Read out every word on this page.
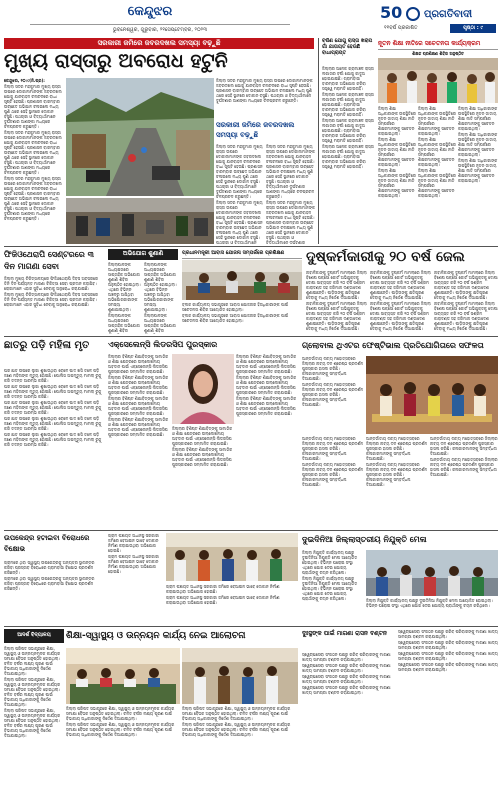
କେନ୍ଦୁଝର
ଭୁବନେଶ୍ୱର, ଗୁରୁବାର, ୨୧ସେପ୍ଟେମ୍ବର, ୨୦୨୩
50 ପ୍ରଗତିବାଦୀ
୧୧ବର୍ଷ ପ୍ରକାଶିତ	ପୃଷ୍ଠା : ୯
ସରକାରୀ ଜମିରେ ଜବରଦଖଲ ସମସ୍ୟା ବଢ଼ୁଛି
ମୁଖ୍ୟ ରାସ୍ତାରୁ ଅବରୋଧ ହଟୁନି

କେନ୍ଦୁଝର, ୨୦।୯(ନି.ପ୍ର):

ଜିଲ୍ଲା ସଦର ମହକୁମାର ମୁଖ୍ୟ ରାସ୍ତା ଉପରେ ଦୋକାନୀମାନଙ୍କ ଜବରଦଖଲ ଯୋଗୁ ଯାନବାହନ ଚଳାଚଳରେ ବାଧା ସୃଷ୍ଟି ହେଉଛି। ପ୍ରଶାସନ ବାରମ୍ବାର ଉଚ୍ଛେଦ ଅଭିଯାନ ଚଳାଇଲେ ମଧ୍ୟ ପୁଣି ଥରେ ସେହି ସ୍ଥାନରେ ଦୋକାନ ବସୁଛି। ପଥଚାରୀ ଓ ବିଦ୍ୟାର୍ଥୀମାନେ ଦୁର୍ଘଟଣାର ଆଶଙ୍କା ମଧ୍ୟରେ ଚଳପ୍ରଚଳ କରୁଛନ୍ତି।

ଜିଲ୍ଲା ସଦର ମହକୁମାର ମୁଖ୍ୟ ରାସ୍ତା ଉପରେ ଦୋକାନୀମାନଙ୍କ ଜବରଦଖଲ ଯୋଗୁ ଯାନବାହନ ଚଳାଚଳରେ ବାଧା ସୃଷ୍ଟି ହେଉଛି। ପ୍ରଶାସନ ବାରମ୍ବାର ଉଚ୍ଛେଦ ଅଭିଯାନ ଚଳାଇଲେ ମଧ୍ୟ ପୁଣି ଥରେ ସେହି ସ୍ଥାନରେ ଦୋକାନ ବସୁଛି। ପଥଚାରୀ ଓ ବିଦ୍ୟାର୍ଥୀମାନେ ଦୁର୍ଘଟଣାର ଆଶଙ୍କା ମଧ୍ୟରେ ଚଳପ୍ରଚଳ କରୁଛନ୍ତି।

ଜିଲ୍ଲା ସଦର ମହକୁମାର ମୁଖ୍ୟ ରାସ୍ତା ଉପରେ ଦୋକାନୀମାନଙ୍କ ଜବରଦଖଲ ଯୋଗୁ ଯାନବାହନ ଚଳାଚଳରେ ବାଧା ସୃଷ୍ଟି ହେଉଛି। ପ୍ରଶାସନ ବାରମ୍ବାର ଉଚ୍ଛେଦ ଅଭିଯାନ ଚଳାଇଲେ ମଧ୍ୟ ପୁଣି ଥରେ ସେହି ସ୍ଥାନରେ ଦୋକାନ ବସୁଛି। ପଥଚାରୀ ଓ ବିଦ୍ୟାର୍ଥୀମାନେ ଦୁର୍ଘଟଣାର ଆଶଙ୍କା ମଧ୍ୟରେ ଚଳପ୍ରଚଳ କରୁଛନ୍ତି।

ଜିଲ୍ଲା ସଦର ମହକୁମାର ମୁଖ୍ୟ ରାସ୍ତା ଉପରେ ଦୋକାନୀମାନଙ୍କ ଜବରଦଖଲ ଯୋଗୁ ଯାନବାହନ ଚଳାଚଳରେ ବାଧା ସୃଷ୍ଟି ହେଉଛି। ପ୍ରଶାସନ ବାରମ୍ବାର ଉଚ୍ଛେଦ ଅଭିଯାନ ଚଳାଇଲେ ମଧ୍ୟ ପୁଣି ଥରେ ସେହି ସ୍ଥାନରେ ଦୋକାନ ବସୁଛି। ପଥଚାରୀ ଓ ବିଦ୍ୟାର୍ଥୀମାନେ ଦୁର୍ଘଟଣାର ଆଶଙ୍କା ମଧ୍ୟରେ ଚଳପ୍ରଚଳ କରୁଛନ୍ତି।

ସରକାରୀ ଜମିରେ ଜବରଦଖଲ ସମସ୍ୟା ବଢ଼ୁଛି

ଜିଲ୍ଲା ସଦର ମହକୁମାର ମୁଖ୍ୟ ରାସ୍ତା ଉପରେ ଦୋକାନୀମାନଙ୍କ ଜବରଦଖଲ ଯୋଗୁ ଯାନବାହନ ଚଳାଚଳରେ ବାଧା ସୃଷ୍ଟି ହେଉଛି। ପ୍ରଶାସନ ବାରମ୍ବାର ଉଚ୍ଛେଦ ଅଭିଯାନ ଚଳାଇଲେ ମଧ୍ୟ ପୁଣି ଥରେ ସେହି ସ୍ଥାନରେ ଦୋକାନ ବସୁଛି। ପଥଚାରୀ ଓ ବିଦ୍ୟାର୍ଥୀମାନେ ଦୁର୍ଘଟଣାର ଆଶଙ୍କା ମଧ୍ୟରେ ଚଳପ୍ରଚଳ କରୁଛନ୍ତି।

ଜିଲ୍ଲା ସଦର ମହକୁମାର ମୁଖ୍ୟ ରାସ୍ତା ଉପରେ ଦୋକାନୀମାନଙ୍କ ଜବରଦଖଲ ଯୋଗୁ ଯାନବାହନ ଚଳାଚଳରେ ବାଧା ସୃଷ୍ଟି ହେଉଛି। ପ୍ରଶାସନ ବାରମ୍ବାର ଉଚ୍ଛେଦ ଅଭିଯାନ ଚଳାଇଲେ ମଧ୍ୟ ପୁଣି ଥରେ ସେହି ସ୍ଥାନରେ ଦୋକାନ ବସୁଛି। ପଥଚାରୀ ଓ ବିଦ୍ୟାର୍ଥୀମାନେ

ଜିଲ୍ଲା ସଦର ମହକୁମାର ମୁଖ୍ୟ ରାସ୍ତା ଉପରେ ଦୋକାନୀମାନଙ୍କ ଜବରଦଖଲ ଯୋଗୁ ଯାନବାହନ ଚଳାଚଳରେ ବାଧା ସୃଷ୍ଟି ହେଉଛି। ପ୍ରଶାସନ ବାରମ୍ବାର ଉଚ୍ଛେଦ ଅଭିଯାନ ଚଳାଇଲେ ମଧ୍ୟ ପୁଣି ଥରେ ସେହି ସ୍ଥାନରେ ଦୋକାନ ବସୁଛି। ପଥଚାରୀ ଓ ବିଦ୍ୟାର୍ଥୀମାନେ ଦୁର୍ଘଟଣାର ଆଶଙ୍କା ମଧ୍ୟରେ ଚଳପ୍ରଚଳ କରୁଛନ୍ତି।

ଜିଲ୍ଲା ସଦର ମହକୁମାର ମୁଖ୍ୟ ରାସ୍ତା ଉପରେ ଦୋକାନୀମାନଙ୍କ ଜବରଦଖଲ ଯୋଗୁ ଯାନବାହନ ଚଳାଚଳରେ ବାଧା ସୃଷ୍ଟି ହେଉଛି। ପ୍ରଶାସନ ବାରମ୍ବାର ଉଚ୍ଛେଦ ଅଭିଯାନ ଚଳାଇଲେ ମଧ୍ୟ ପୁଣି ଥରେ ସେହି ସ୍ଥାନରେ ଦୋକାନ ବସୁଛି। ପଥଚାରୀ ଓ ବିଦ୍ୟାର୍ଥୀମାନେ ଦୁର୍ଘଟଣାର

ବର୍ଷଣ ଯୋଗୁ ରାସ୍ତା ଖରାପ ଗାଁ ଯାତାୟତ ହେଉଛି ବାଧାପ୍ରାପ୍ତ

ଜିଲ୍ଲାର ଅନେକ ଗ୍ରାମାଞ୍ଚଳ ରାସ୍ତା ଲଗାତାର ବର୍ଷା ଯୋଗୁ କାଦୁଅ ହୋଇଯାଇଛି। ଗ୍ରାମବାସୀ ବାରମ୍ବାର ଅଭିଯୋଗ କରିବା ସତ୍ତ୍ୱେ ମରାମତି ହୋଇନାହିଁ।

ଜିଲ୍ଲାର ଅନେକ ଗ୍ରାମାଞ୍ଚଳ ରାସ୍ତା ଲଗାତାର ବର୍ଷା ଯୋଗୁ କାଦୁଅ ହୋଇଯାଇଛି। ଗ୍ରାମବାସୀ ବାରମ୍ବାର ଅଭିଯୋଗ କରିବା ସତ୍ତ୍ୱେ ମରାମତି ହୋଇନାହିଁ।

ଜିଲ୍ଲାର ଅନେକ ଗ୍ରାମାଞ୍ଚଳ ରାସ୍ତା ଲଗାତାର ବର୍ଷା ଯୋଗୁ କାଦୁଅ ହୋଇଯାଇଛି। ଗ୍ରାମବାସୀ ବାରମ୍ବାର ଅଭିଯୋଗ କରିବା ସତ୍ତ୍ୱେ ମରାମତି ହୋଇନାହିଁ।

ଜିଲ୍ଲାର ଅନେକ ଗ୍ରାମାଞ୍ଚଳ ରାସ୍ତା ଲଗାତାର ବର୍ଷା ଯୋଗୁ କାଦୁଅ ହୋଇଯାଇଛି। ଗ୍ରାମବାସୀ ବାରମ୍ବାର ଅଭିଯୋଗ କରିବା ସତ୍ତ୍ୱେ ମରାମତି ହୋଇନାହିଁ।

ନୂତନ ଶିକ୍ଷା ନୀତିରେ ସଚେତନତା କାର୍ଯ୍ୟକ୍ରମ
ଶିକ୍ଷକ ପ୍ରଶିକ୍ଷଣ ଶିବିର ଅନୁଷ୍ଠିତ

ଜିଲ୍ଲା ଶିକ୍ଷା ଅଧିକାରୀଙ୍କ ଉପସ୍ଥିତିରେ ନୂତନ ଜାତୀୟ ଶିକ୍ଷା ନୀତି ସମ୍ପର୍କରେ ଶିକ୍ଷକମାନଙ୍କୁ ସଚେତନ କରାଯାଇଥିଲା।

ଜିଲ୍ଲା ଶିକ୍ଷା ଅଧିକାରୀଙ୍କ ଉପସ୍ଥିତିରେ ନୂତନ ଜାତୀୟ ଶିକ୍ଷା ନୀତି ସମ୍ପର୍କରେ ଶିକ୍ଷକମାନଙ୍କୁ ସଚେତନ କରାଯାଇଥିଲା।

ଜିଲ୍ଲା ଶିକ୍ଷା ଅଧିକାରୀଙ୍କ ଉପସ୍ଥିତିରେ ନୂତନ ଜାତୀୟ ଶିକ୍ଷା ନୀତି ସମ୍ପର୍କରେ ଶିକ୍ଷକମାନଙ୍କୁ ସଚେତନ କରାଯାଇଥିଲା।

ଜିଲ୍ଲା ଶିକ୍ଷା ଅଧିକାରୀଙ୍କ ଉପସ୍ଥିତିରେ ନୂତନ ଜାତୀୟ ଶିକ୍ଷା ନୀତି ସମ୍ପର୍କରେ ଶିକ୍ଷକମାନଙ୍କୁ ସଚେତନ କରାଯାଇଥିଲା।

ଜିଲ୍ଲା ଶିକ୍ଷା ଅଧିକାରୀଙ୍କ ଉପସ୍ଥିତିରେ ନୂତନ ଜାତୀୟ ଶିକ୍ଷା ନୀତି ସମ୍ପର୍କରେ ଶିକ୍ଷକମାନଙ୍କୁ ସଚେତନ କରାଯାଇଥିଲା।

ଜିଲ୍ଲା ଶିକ୍ଷା ଅଧିକାରୀଙ୍କ ଉପସ୍ଥିତିରେ ନୂତନ ଜାତୀୟ ଶିକ୍ଷା ନୀତି ସମ୍ପର୍କରେ ଶିକ୍ଷକମାନଙ୍କୁ ସଚେତନ କରାଯାଇଥିଲା।

ଜିଲ୍ଲା ଶିକ୍ଷା ଅଧିକାରୀଙ୍କ ଉପସ୍ଥିତିରେ ନୂତନ ଜାତୀୟ ଶିକ୍ଷା ନୀତି ସମ୍ପର୍କରେ ଶିକ୍ଷକମାନଙ୍କୁ ସଚେତନ କରାଯାଇଥିଲା।

ଜିଲ୍ଲା ଶିକ୍ଷା ଅଧିକାରୀଙ୍କ ଉପସ୍ଥିତିରେ ନୂତନ ଜାତୀୟ ଶିକ୍ଷା ନୀତି ସମ୍ପର୍କରେ ଶିକ୍ଷକମାନଙ୍କୁ ସଚେତନ କରାଯାଇଥିଲା।

ଜିଲ୍ଲା ଶିକ୍ଷା ଅଧିକାରୀଙ୍କ ଉପସ୍ଥିତିରେ ନୂତନ ଜାତୀୟ ଶିକ୍ଷା ନୀତି ସମ୍ପର୍କରେ ଶିକ୍ଷକମାନଙ୍କୁ ସଚେତନ କରାଯାଇଥିଲା।

ଫିଜିଓଥେରାପି ସେଣ୍ଟରରେ ୩ ଦିନ ମାଗଣା ସେବା

ଜିଲ୍ଲା ମୁଖ୍ୟ ଚିକିତ୍ସାଳୟରେ ଫିଜିଓଥେରାପି ଦିବସ ଅବସରରେ ତିନି ଦିନ ପର୍ଯ୍ୟନ୍ତ ମାଗଣା ଚିକିତ୍ସା ସେବା ପ୍ରଦାନ କରାଯିବ। ରୋଗୀମାନେ ଏହାର ସୁବିଧା ନେବାକୁ ଅନୁରୋଧ କରାଯାଇଛି।

ଜିଲ୍ଲା ମୁଖ୍ୟ ଚିକିତ୍ସାଳୟରେ ଫିଜିଓଥେରାପି ଦିବସ ଅବସରରେ ତିନି ଦିନ ପର୍ଯ୍ୟନ୍ତ ମାଗଣା ଚିକିତ୍ସା ସେବା ପ୍ରଦାନ କରାଯିବ। ରୋଗୀମାନେ ଏହାର ସୁବିଧା ନେବାକୁ ଅନୁରୋଧ କରାଯାଇଛି।

ଅଭିଯୋଗ ଶୁଣାଣି

ଜିଲ୍ଲାପାଳଙ୍କ ଅଧ୍ୟକ୍ଷତାରେ ସାପ୍ତାହିକ ଅଭିଯୋଗ ଶୁଣାଣି ଶିବିର ଅନୁଷ୍ଠିତ ହୋଇଥିଲା। ଏଥିରେ ବିଭିନ୍ନ ଅଞ୍ଚଳରୁ ଆସିଥିବା ଅଭିଯୋଗକାରୀଙ୍କ ସମସ୍ୟା ଶୁଣାଯାଇଥିଲା।

ଜିଲ୍ଲାପାଳଙ୍କ ଅଧ୍ୟକ୍ଷତାରେ ସାପ୍ତାହିକ ଅଭିଯୋଗ ଶୁଣାଣି ଶିବିର

ଜିଲ୍ଲାପାଳଙ୍କ ଅଧ୍ୟକ୍ଷତାରେ ସାପ୍ତାହିକ ଅଭିଯୋଗ ଶୁଣାଣି ଶିବିର ଅନୁଷ୍ଠିତ ହୋଇଥିଲା। ଏଥିରେ ବିଭିନ୍ନ ଅଞ୍ଚଳରୁ ଆସିଥିବା ଅଭିଯୋଗକାରୀଙ୍କ ସମସ୍ୟା ଶୁଣାଯାଇଥିଲା।

ଜିଲ୍ଲାପାଳଙ୍କ ଅଧ୍ୟକ୍ଷତାରେ ସାପ୍ତାହିକ ଅଭିଯୋଗ ଶୁଣାଣି ଶିବିର

ପ୍ରଧାନମନ୍ତ୍ରୀ ଆବାସ ଯୋଜନା ସମ୍ପର୍କରେ ପ୍ରଶିକ୍ଷଣ

ବ୍ଲକ କାର୍ଯ୍ୟାଳୟ ସଭାଗୃହରେ ଆବାସ ଯୋଜନାର ହିତାଧିକାରୀଙ୍କ ପାଇଁ ସଚେତନତା ଶିବିର ଆୟୋଜିତ ହୋଇଥିଲା।

ବ୍ଲକ କାର୍ଯ୍ୟାଳୟ ସଭାଗୃହରେ ଆବାସ ଯୋଜନାର ହିତାଧିକାରୀଙ୍କ ପାଇଁ ସଚେତନତା ଶିବିର ଆୟୋଜିତ ହୋଇଥିଲା।

ଦୁଷ୍କର୍ମକାରୀକୁ ୨୦ ବର୍ଷ ଜେଲ

ନାବାଳିକାଙ୍କୁ ଦୁଷ୍କର୍ମ ମାମଲାରେ ଜିଲ୍ଲା ବିଶେଷ ପକ୍ସୋ କୋର୍ଟ ଅଭିଯୁକ୍ତକୁ ଦୋଷୀ ସାବ୍ୟସ୍ତ କରି ୨୦ ବର୍ଷ ସଶ୍ରମ କାରାଦଣ୍ଡ ସହ ଜରିମାନା ଦଣ୍ଡାଦେଶ ଶୁଣାଇଛନ୍ତି। ପୀଡ଼ିତାଙ୍କୁ କ୍ଷତିପୂରଣ ଦେବାକୁ ମଧ୍ୟ ନିର୍ଦ୍ଦେଶ ଦିଆଯାଇଛି।

ନାବାଳିକାଙ୍କୁ ଦୁଷ୍କର୍ମ ମାମଲାରେ ଜିଲ୍ଲା ବିଶେଷ ପକ୍ସୋ କୋର୍ଟ ଅଭିଯୁକ୍ତକୁ ଦୋଷୀ ସାବ୍ୟସ୍ତ କରି ୨୦ ବର୍ଷ ସଶ୍ରମ କାରାଦଣ୍ଡ ସହ ଜରିମାନା ଦଣ୍ଡାଦେଶ ଶୁଣାଇଛନ୍ତି। ପୀଡ଼ିତାଙ୍କୁ କ୍ଷତିପୂରଣ ଦେବାକୁ ମଧ୍ୟ ନିର୍ଦ୍ଦେଶ ଦିଆଯାଇଛି।

ନାବାଳିକାଙ୍କୁ ଦୁଷ୍କର୍ମ ମାମଲାରେ ଜିଲ୍ଲା ବିଶେଷ ପକ୍ସୋ କୋର୍ଟ ଅଭିଯୁକ୍ତକୁ ଦୋଷୀ ସାବ୍ୟସ୍ତ କରି ୨୦ ବର୍ଷ ସଶ୍ରମ କାରାଦଣ୍ଡ ସହ ଜରିମାନା ଦଣ୍ଡାଦେଶ ଶୁଣାଇଛନ୍ତି। ପୀଡ଼ିତାଙ୍କୁ କ୍ଷତିପୂରଣ ଦେବାକୁ ମଧ୍ୟ ନିର୍ଦ୍ଦେଶ ଦିଆଯାଇଛି।

ନାବାଳିକାଙ୍କୁ ଦୁଷ୍କର୍ମ ମାମଲାରେ ଜିଲ୍ଲା ବିଶେଷ ପକ୍ସୋ କୋର୍ଟ ଅଭିଯୁକ୍ତକୁ ଦୋଷୀ ସାବ୍ୟସ୍ତ କରି ୨୦ ବର୍ଷ ସଶ୍ରମ କାରାଦଣ୍ଡ ସହ ଜରିମାନା ଦଣ୍ଡାଦେଶ ଶୁଣାଇଛନ୍ତି। ପୀଡ଼ିତାଙ୍କୁ କ୍ଷତିପୂରଣ ଦେବାକୁ ମଧ୍ୟ ନିର୍ଦ୍ଦେଶ ଦିଆଯାଇଛି।

ନାବାଳିକାଙ୍କୁ ଦୁଷ୍କର୍ମ ମାମଲାରେ ଜିଲ୍ଲା ବିଶେଷ ପକ୍ସୋ କୋର୍ଟ ଅଭିଯୁକ୍ତକୁ ଦୋଷୀ ସାବ୍ୟସ୍ତ କରି ୨୦ ବର୍ଷ ସଶ୍ରମ କାରାଦଣ୍ଡ ସହ ଜରିମାନା ଦଣ୍ଡାଦେଶ ଶୁଣାଇଛନ୍ତି। ପୀଡ଼ିତାଙ୍କୁ କ୍ଷତିପୂରଣ ଦେବାକୁ ମଧ୍ୟ ନିର୍ଦ୍ଦେଶ ଦିଆଯାଇଛି।

ନାବାଳିକାଙ୍କୁ ଦୁଷ୍କର୍ମ ମାମଲାରେ ଜିଲ୍ଲା ବିଶେଷ ପକ୍ସୋ କୋର୍ଟ ଅଭିଯୁକ୍ତକୁ ଦୋଷୀ ସାବ୍ୟସ୍ତ କରି ୨୦ ବର୍ଷ ସଶ୍ରମ କାରାଦଣ୍ଡ ସହ ଜରିମାନା ଦଣ୍ଡାଦେଶ ଶୁଣାଇଛନ୍ତି। ପୀଡ଼ିତାଙ୍କୁ କ୍ଷତିପୂରଣ ଦେବାକୁ ମଧ୍ୟ ନିର୍ଦ୍ଦେଶ ଦିଆଯାଇଛି।

ଛାତରୁ ପଡ଼ି ମହିଳା ମୃତ

ଘର ଛାତ ଉପରେ ଲୁଗା ଶୁଖାଉଥିବା ବେଳେ ପାଦ ଖସି ତଳେ ପଡ଼ି ଜଣେ ମହିଳାଙ୍କ ମୃତ୍ୟୁ ହୋଇଛି। ପୋଲିସ ଅପମୃତ୍ୟୁ ମାମଲା ରୁଜୁ କରି ତଦନ୍ତ ଆରମ୍ଭ କରିଛି।

ଘର ଛାତ ଉପରେ ଲୁଗା ଶୁଖାଉଥିବା ବେଳେ ପାଦ ଖସି ତଳେ ପଡ଼ି ଜଣେ ମହିଳାଙ୍କ ମୃତ୍ୟୁ ହୋଇଛି। ପୋଲିସ ଅପମୃତ୍ୟୁ ମାମଲା ରୁଜୁ କରି ତଦନ୍ତ ଆରମ୍ଭ କରିଛି।

ଘର ଛାତ ଉପରେ ଲୁଗା ଶୁଖାଉଥିବା ବେଳେ ପାଦ ଖସି ତଳେ ପଡ଼ି ଜଣେ ମହିଳାଙ୍କ ମୃତ୍ୟୁ ହୋଇଛି। ପୋଲିସ ଅପମୃତ୍ୟୁ ମାମଲା ରୁଜୁ କରି ତଦନ୍ତ ଆରମ୍ଭ କରିଛି।

ଘର ଛାତ ଉପରେ ଲୁଗା ଶୁଖାଉଥିବା ବେଳେ ପାଦ ଖସି ତଳେ ପଡ଼ି ଜଣେ ମହିଳାଙ୍କ ମୃତ୍ୟୁ ହୋଇଛି। ପୋଲିସ ଅପମୃତ୍ୟୁ ମାମଲା ରୁଜୁ କରି ତଦନ୍ତ ଆରମ୍ଭ କରିଛି।

ଘର ଛାତ ଉପରେ ଲୁଗା ଶୁଖାଉଥିବା ବେଳେ ପାଦ ଖସି ତଳେ ପଡ଼ି ଜଣେ ମହିଳାଙ୍କ ମୃତ୍ୟୁ ହୋଇଛି। ପୋଲିସ ଅପମୃତ୍ୟୁ ମାମଲା ରୁଜୁ କରି ତଦନ୍ତ ଆରମ୍ଭ କରିଛି।

ଏକ୍ସେଲେନ୍ସି ଲିଡରସିପ ପୁରସ୍କାର

ଜିଲ୍ଲାର ବିଶିଷ୍ଟ ଶିକ୍ଷାବିତ୍‌ଙ୍କୁ ସାମାଜିକ ଓ ଶିକ୍ଷା କ୍ଷେତ୍ରରେ ଉଲ୍ଲେଖନୀୟ ଅବଦାନ ପାଇଁ ଏକ୍ସେଲେନ୍ସି ଲିଡରସିପ ପୁରସ୍କାରରେ ସମ୍ମାନିତ କରାଯାଇଛି।

ଜିଲ୍ଲାର ବିଶିଷ୍ଟ ଶିକ୍ଷାବିତ୍‌ଙ୍କୁ ସାମାଜିକ ଓ ଶିକ୍ଷା କ୍ଷେତ୍ରରେ ଉଲ୍ଲେଖନୀୟ ଅବଦାନ ପାଇଁ ଏକ୍ସେଲେନ୍ସି ଲିଡରସିପ ପୁରସ୍କାରରେ ସମ୍ମାନିତ କରାଯାଇଛି।

ଜିଲ୍ଲାର ବିଶିଷ୍ଟ ଶିକ୍ଷାବିତ୍‌ଙ୍କୁ ସାମାଜିକ ଓ ଶିକ୍ଷା କ୍ଷେତ୍ରରେ ଉଲ୍ଲେଖନୀୟ ଅବଦାନ ପାଇଁ ଏକ୍ସେଲେନ୍ସି ଲିଡରସିପ ପୁରସ୍କାରରେ ସମ୍ମାନିତ କରାଯାଇଛି।

ଜିଲ୍ଲାର ବିଶିଷ୍ଟ ଶିକ୍ଷାବିତ୍‌ଙ୍କୁ ସାମାଜିକ ଓ ଶିକ୍ଷା କ୍ଷେତ୍ରରେ ଉଲ୍ଲେଖନୀୟ ଅବଦାନ ପାଇଁ ଏକ୍ସେଲେନ୍ସି ଲିଡରସିପ ପୁରସ୍କାରରେ ସମ୍ମାନିତ କରାଯାଇଛି।

ଜିଲ୍ଲାର ବିଶିଷ୍ଟ ଶିକ୍ଷାବିତ୍‌ଙ୍କୁ ସାମାଜିକ ଓ ଶିକ୍ଷା କ୍ଷେତ୍ରରେ ଉଲ୍ଲେଖନୀୟ ଅବଦାନ ପାଇଁ ଏକ୍ସେଲେନ୍ସି ଲିଡରସିପ ପୁରସ୍କାରରେ ସମ୍ମାନିତ କରାଯାଇଛି।

ଜିଲ୍ଲାର ବିଶିଷ୍ଟ ଶିକ୍ଷାବିତ୍‌ଙ୍କୁ ସାମାଜିକ ଓ ଶିକ୍ଷା କ୍ଷେତ୍ରରେ ଉଲ୍ଲେଖନୀୟ ଅବଦାନ ପାଇଁ ଏକ୍ସେଲେନ୍ସି ଲିଡରସିପ ପୁରସ୍କାରରେ ସମ୍ମାନିତ କରାଯାଇଛି।

ଜିଲ୍ଲାର ବିଶିଷ୍ଟ ଶିକ୍ଷାବିତ୍‌ଙ୍କୁ ସାମାଜିକ ଓ ଶିକ୍ଷା କ୍ଷେତ୍ରରେ ଉଲ୍ଲେଖନୀୟ ଅବଦାନ ପାଇଁ ଏକ୍ସେଲେନ୍ସି ଲିଡରସିପ ପୁରସ୍କାରରେ ସମ୍ମାନିତ କରାଯାଇଛି।

ଜିଲ୍ଲାର ବିଶିଷ୍ଟ ଶିକ୍ଷାବିତ୍‌ଙ୍କୁ ସାମାଜିକ ଓ ଶିକ୍ଷା କ୍ଷେତ୍ରରେ ଉଲ୍ଲେଖନୀୟ ଅବଦାନ ପାଇଁ ଏକ୍ସେଲେନ୍ସି ଲିଡରସିପ ପୁରସ୍କାରରେ ସମ୍ମାନିତ କରାଯାଇଛି।

ଜିଲ୍ଲାର ବିଶିଷ୍ଟ ଶିକ୍ଷାବିତ୍‌ଙ୍କୁ ସାମାଜିକ ଓ ଶିକ୍ଷା କ୍ଷେତ୍ରରେ ଉଲ୍ଲେଖନୀୟ ଅବଦାନ ପାଇଁ ଏକ୍ସେଲେନ୍ସି ଲିଡରସିପ ପୁରସ୍କାରରେ ସମ୍ମାନିତ କରାଯାଇଛି।

ଗ୍ଲୋବାଲ ଥିଏଟର ଫେଷ୍ଟିଭାଲ ପ୍ରତିଯୋଗିତାରେ ସଫଳତା

ଆନ୍ତର୍ଜାତୀୟ ନାଟ୍ୟ ମହୋତ୍ସବରେ ଜିଲ୍ଲାର ନାଟ୍ୟ ଦଳ ଶ୍ରେଷ୍ଠ ପ୍ରଦର୍ଶନ ପୁରସ୍କାର ହାସଲ କରିଛି। କଳାକାରମାନଙ୍କୁ ସମ୍ବର୍ଦ୍ଧନା ଦିଆଯାଇଛି।

ଆନ୍ତର୍ଜାତୀୟ ନାଟ୍ୟ ମହୋତ୍ସବରେ ଜିଲ୍ଲାର ନାଟ୍ୟ ଦଳ ଶ୍ରେଷ୍ଠ ପ୍ରଦର୍ଶନ ପୁରସ୍କାର ହାସଲ କରିଛି। କଳାକାରମାନଙ୍କୁ ସମ୍ବର୍ଦ୍ଧନା ଦିଆଯାଇଛି।

ଆନ୍ତର୍ଜାତୀୟ ନାଟ୍ୟ ମହୋତ୍ସବରେ ଜିଲ୍ଲାର ନାଟ୍ୟ ଦଳ ଶ୍ରେଷ୍ଠ ପ୍ରଦର୍ଶନ ପୁରସ୍କାର ହାସଲ କରିଛି। କଳାକାରମାନଙ୍କୁ ସମ୍ବର୍ଦ୍ଧନା ଦିଆଯାଇଛି।

ଆନ୍ତର୍ଜାତୀୟ ନାଟ୍ୟ ମହୋତ୍ସବରେ ଜିଲ୍ଲାର ନାଟ୍ୟ ଦଳ ଶ୍ରେଷ୍ଠ ପ୍ରଦର୍ଶନ ପୁରସ୍କାର ହାସଲ କରିଛି। କଳାକାରମାନଙ୍କୁ ସମ୍ବର୍ଦ୍ଧନା ଦିଆଯାଇଛି।

ଆନ୍ତର୍ଜାତୀୟ ନାଟ୍ୟ ମହୋତ୍ସବରେ ଜିଲ୍ଲାର ନାଟ୍ୟ ଦଳ ଶ୍ରେଷ୍ଠ ପ୍ରଦର୍ଶନ ପୁରସ୍କାର ହାସଲ କରିଛି। କଳାକାରମାନଙ୍କୁ ସମ୍ବର୍ଦ୍ଧନା ଦିଆଯାଇଛି।

ଆନ୍ତର୍ଜାତୀୟ ନାଟ୍ୟ ମହୋତ୍ସବରେ ଜିଲ୍ଲାର ନାଟ୍ୟ ଦଳ ଶ୍ରେଷ୍ଠ ପ୍ରଦର୍ଶନ ପୁରସ୍କାର ହାସଲ କରିଛି। କଳାକାରମାନଙ୍କୁ ସମ୍ବର୍ଦ୍ଧନା ଦିଆଯାଇଛି।

ଆନ୍ତର୍ଜାତୀୟ ନାଟ୍ୟ ମହୋତ୍ସବରେ ଜିଲ୍ଲାର ନାଟ୍ୟ ଦଳ ଶ୍ରେଷ୍ଠ ପ୍ରଦର୍ଶନ ପୁରସ୍କାର ହାସଲ କରିଛି। କଳାକାରମାନଙ୍କୁ ସମ୍ବର୍ଦ୍ଧନା ଦିଆଯାଇଛି।

ଆନ୍ତର୍ଜାତୀୟ ନାଟ୍ୟ ମହୋତ୍ସବରେ ଜିଲ୍ଲାର ନାଟ୍ୟ ଦଳ ଶ୍ରେଷ୍ଠ ପ୍ରଦର୍ଶନ ପୁରସ୍କାର ହାସଲ କରିଛି। କଳାକାରମାନଙ୍କୁ ସମ୍ବର୍ଦ୍ଧନା ଦିଆଯାଇଛି।

ଉପକେନ୍ଦ୍ର ହଟାଇବା ବିରୋଧରେ ବିକ୍ଷୋଭ

ଗ୍ରାମରେ ଥିବା ସ୍ୱାସ୍ଥ୍ୟ ଉପକେନ୍ଦ୍ରକୁ ଅନ୍ୟତ୍ର ସ୍ଥାନାନ୍ତର କରିବା ପ୍ରସ୍ତାବ ବିରୋଧରେ ଗ୍ରାମବାସୀ ବିକ୍ଷୋଭ ପ୍ରଦର୍ଶନ କରିଛନ୍ତି।

ଗ୍ରାମରେ ଥିବା ସ୍ୱାସ୍ଥ୍ୟ ଉପକେନ୍ଦ୍ରକୁ ଅନ୍ୟତ୍ର ସ୍ଥାନାନ୍ତର କରିବା ପ୍ରସ୍ତାବ ବିରୋଧରେ ଗ୍ରାମବାସୀ ବିକ୍ଷୋଭ ପ୍ରଦର୍ଶନ କରିଛନ୍ତି।

ଗ୍ରାମ ପଞ୍ଚାୟତ ଅଧୀନସ୍ଥ ସରକାରୀ ଜମିରେ ବେଆଇନ ଭାବେ ଦୋକାନ ନିର୍ମାଣ କରାଯାଉଥିବା ଅଭିଯୋଗ ହୋଇଛି।

ଗ୍ରାମ ପଞ୍ଚାୟତ ଅଧୀନସ୍ଥ ସରକାରୀ ଜମିରେ ବେଆଇନ ଭାବେ ଦୋକାନ ନିର୍ମାଣ କରାଯାଉଥିବା ଅଭିଯୋଗ ହୋଇଛି।

ଗ୍ରାମ ପଞ୍ଚାୟତ ଅଧୀନସ୍ଥ ସରକାରୀ ଜମିରେ ବେଆଇନ ଭାବେ ଦୋକାନ ନିର୍ମାଣ କରାଯାଉଥିବା ଅଭିଯୋଗ ହୋଇଛି।

ଗ୍ରାମ ପଞ୍ଚାୟତ ଅଧୀନସ୍ଥ ସରକାରୀ ଜମିରେ ବେଆଇନ ଭାବେ ଦୋକାନ ନିର୍ମାଣ କରାଯାଉଥିବା ଅଭିଯୋଗ ହୋଇଛି।

ଦୁଇଦିନିଆ ଜିଲ୍ଲାସ୍ତରୀୟ ନିଯୁକ୍ତି ମେଳା

ଜିଲ୍ଲା ନିଯୁକ୍ତି କାର୍ଯ୍ୟାଳୟ ପକ୍ଷରୁ ଦୁଇଦିନିଆ ନିଯୁକ୍ତି ମେଳା ଆୟୋଜିତ ହୋଇଥିଲା। ବିଭିନ୍ନ ଘରୋଇ ସଂସ୍ଥା ଏଥିରେ ଯୋଗ ଦେଇ ଯୋଗ୍ୟ ପ୍ରାର୍ଥୀଙ୍କୁ ଚୟନ କରିଥିଲେ।

ଜିଲ୍ଲା ନିଯୁକ୍ତି କାର୍ଯ୍ୟାଳୟ ପକ୍ଷରୁ ଦୁଇଦିନିଆ ନିଯୁକ୍ତି ମେଳା ଆୟୋଜିତ ହୋଇଥିଲା। ବିଭିନ୍ନ ଘରୋଇ ସଂସ୍ଥା ଏଥିରେ ଯୋଗ ଦେଇ ଯୋଗ୍ୟ ପ୍ରାର୍ଥୀଙ୍କୁ ଚୟନ କରିଥିଲେ।	ଜିଲ୍ଲା ନିଯୁକ୍ତି କାର୍ଯ୍ୟାଳୟ ପକ୍ଷରୁ ଦୁଇଦିନିଆ ନିଯୁକ୍ତି ମେଳା ଆୟୋଜିତ ହୋଇଥିଲା। ବିଭିନ୍ନ ଘରୋଇ ସଂସ୍ଥା ଏଥିରେ ଯୋଗ ଦେଇ ଯୋଗ୍ୟ ପ୍ରାର୍ଥୀଙ୍କୁ ଚୟନ କରିଥିଲେ।

ଆଦର୍ଶ ବିଦ୍ୟାଳୟ	ଶିକ୍ଷା-ସ୍ୱାସ୍ଥ୍ୟ ଓ ଉନ୍ନୟନ କାର୍ଯ୍ୟ ନେଇ ଆଲୋଚନା

ଜିଲ୍ଲା ପରିଷଦ ସଭାଗୃହରେ ଶିକ୍ଷା, ସ୍ୱାସ୍ଥ୍ୟ ଓ ଉନ୍ନୟନମୂଳକ କାର୍ଯ୍ୟର ସମୀକ୍ଷା ବୈଠକ ଅନୁଷ୍ଠିତ ହୋଇଥିଲା। ଚଳିତ ବର୍ଷର ଲକ୍ଷ୍ୟ ପୂରଣ ପାଇଁ ବିଭାଗୀୟ ଅଧିକାରୀଙ୍କୁ ନିର୍ଦ୍ଦେଶ ଦିଆଯାଇଥିଲା।

ଜିଲ୍ଲା ପରିଷଦ ସଭାଗୃହରେ ଶିକ୍ଷା, ସ୍ୱାସ୍ଥ୍ୟ ଓ ଉନ୍ନୟନମୂଳକ କାର୍ଯ୍ୟର ସମୀକ୍ଷା ବୈଠକ ଅନୁଷ୍ଠିତ ହୋଇଥିଲା। ଚଳିତ ବର୍ଷର ଲକ୍ଷ୍ୟ ପୂରଣ ପାଇଁ ବିଭାଗୀୟ ଅଧିକାରୀଙ୍କୁ ନିର୍ଦ୍ଦେଶ ଦିଆଯାଇଥିଲା।

ଜିଲ୍ଲା ପରିଷଦ ସଭାଗୃହରେ ଶିକ୍ଷା, ସ୍ୱାସ୍ଥ୍ୟ ଓ ଉନ୍ନୟନମୂଳକ କାର୍ଯ୍ୟର ସମୀକ୍ଷା ବୈଠକ ଅନୁଷ୍ଠିତ ହୋଇଥିଲା। ଚଳିତ ବର୍ଷର ଲକ୍ଷ୍ୟ ପୂରଣ ପାଇଁ ବିଭାଗୀୟ ଅଧିକାରୀଙ୍କୁ ନିର୍ଦ୍ଦେଶ ଦିଆଯାଇଥିଲା।

ଜିଲ୍ଲା ପରିଷଦ ସଭାଗୃହରେ ଶିକ୍ଷା, ସ୍ୱାସ୍ଥ୍ୟ ଓ ଉନ୍ନୟନମୂଳକ କାର୍ଯ୍ୟର ସମୀକ୍ଷା ବୈଠକ ଅନୁଷ୍ଠିତ ହୋଇଥିଲା। ଚଳିତ ବର୍ଷର ଲକ୍ଷ୍ୟ ପୂରଣ ପାଇଁ ବିଭାଗୀୟ ଅଧିକାରୀଙ୍କୁ ନିର୍ଦ୍ଦେଶ ଦିଆଯାଇଥିଲା।

ଜିଲ୍ଲା ପରିଷଦ ସଭାଗୃହରେ ଶିକ୍ଷା, ସ୍ୱାସ୍ଥ୍ୟ ଓ ଉନ୍ନୟନମୂଳକ କାର୍ଯ୍ୟର ସମୀକ୍ଷା ବୈଠକ ଅନୁଷ୍ଠିତ ହୋଇଥିଲା। ଚଳିତ ବର୍ଷର ଲକ୍ଷ୍ୟ ପୂରଣ ପାଇଁ ବିଭାଗୀୟ ଅଧିକାରୀଙ୍କୁ ନିର୍ଦ୍ଦେଶ ଦିଆଯାଇଥିଲା।

ଜିଲ୍ଲା ପରିଷଦ ସଭାଗୃହରେ ଶିକ୍ଷା, ସ୍ୱାସ୍ଥ୍ୟ ଓ ଉନ୍ନୟନମୂଳକ କାର୍ଯ୍ୟର ସମୀକ୍ଷା ବୈଠକ ଅନୁଷ୍ଠିତ ହୋଇଥିଲା। ଚଳିତ ବର୍ଷର ଲକ୍ଷ୍ୟ ପୂରଣ ପାଇଁ ବିଭାଗୀୟ ଅଧିକାରୀଙ୍କୁ ନିର୍ଦ୍ଦେଶ ଦିଆଯାଇଥିଲା।

ଜିଲ୍ଲା ପରିଷଦ ସଭାଗୃହରେ ଶିକ୍ଷା, ସ୍ୱାସ୍ଥ୍ୟ ଓ ଉନ୍ନୟନମୂଳକ କାର୍ଯ୍ୟର ସମୀକ୍ଷା ବୈଠକ ଅନୁଷ୍ଠିତ ହୋଇଥିଲା। ଚଳିତ ବର୍ଷର ଲକ୍ଷ୍ୟ ପୂରଣ ପାଇଁ ବିଭାଗୀୟ ଅଧିକାରୀଙ୍କୁ ନିର୍ଦ୍ଦେଶ ଦିଆଯାଇଥିଲା।

ଦୁଃସ୍ଥଙ୍କ ପାଇଁ ମାଗଣା ରାସନ ବଣ୍ଟନ

ସ୍ୱେଚ୍ଛାସେବୀ ସଂଗଠନ ପକ୍ଷରୁ ଗରିବ ପରିବାରଙ୍କୁ ମାଗଣା ଖାଦ୍ୟ ସାମଗ୍ରୀ ବଣ୍ଟନ କରାଯାଇଥିଲା।

ସ୍ୱେଚ୍ଛାସେବୀ ସଂଗଠନ ପକ୍ଷରୁ ଗରିବ ପରିବାରଙ୍କୁ ମାଗଣା ଖାଦ୍ୟ ସାମଗ୍ରୀ ବଣ୍ଟନ କରାଯାଇଥିଲା।

ସ୍ୱେଚ୍ଛାସେବୀ ସଂଗଠନ ପକ୍ଷରୁ ଗରିବ ପରିବାରଙ୍କୁ ମାଗଣା ଖାଦ୍ୟ ସାମଗ୍ରୀ ବଣ୍ଟନ କରାଯାଇଥିଲା।

ସ୍ୱେଚ୍ଛାସେବୀ ସଂଗଠନ ପକ୍ଷରୁ ଗରିବ ପରିବାରଙ୍କୁ ମାଗଣା ଖାଦ୍ୟ ସାମଗ୍ରୀ ବଣ୍ଟନ କରାଯାଇଥିଲା।

ସ୍ୱେଚ୍ଛାସେବୀ ସଂଗଠନ ପକ୍ଷରୁ ଗରିବ ପରିବାରଙ୍କୁ ମାଗଣା ଖାଦ୍ୟ ସାମଗ୍ରୀ ବଣ୍ଟନ କରାଯାଇଥିଲା।

ସ୍ୱେଚ୍ଛାସେବୀ ସଂଗଠନ ପକ୍ଷରୁ ଗରିବ ପରିବାରଙ୍କୁ ମାଗଣା ଖାଦ୍ୟ ସାମଗ୍ରୀ ବଣ୍ଟନ କରାଯାଇଥିଲା।

ସ୍ୱେଚ୍ଛାସେବୀ ସଂଗଠନ ପକ୍ଷରୁ ଗରିବ ପରିବାରଙ୍କୁ ମାଗଣା ଖାଦ୍ୟ ସାମଗ୍ରୀ ବଣ୍ଟନ କରାଯାଇଥିଲା।

ସ୍ୱେଚ୍ଛାସେବୀ ସଂଗଠନ ପକ୍ଷରୁ ଗରିବ ପରିବାରଙ୍କୁ ମାଗଣା ଖାଦ୍ୟ ସାମଗ୍ରୀ ବଣ୍ଟନ କରାଯାଇଥିଲା।
